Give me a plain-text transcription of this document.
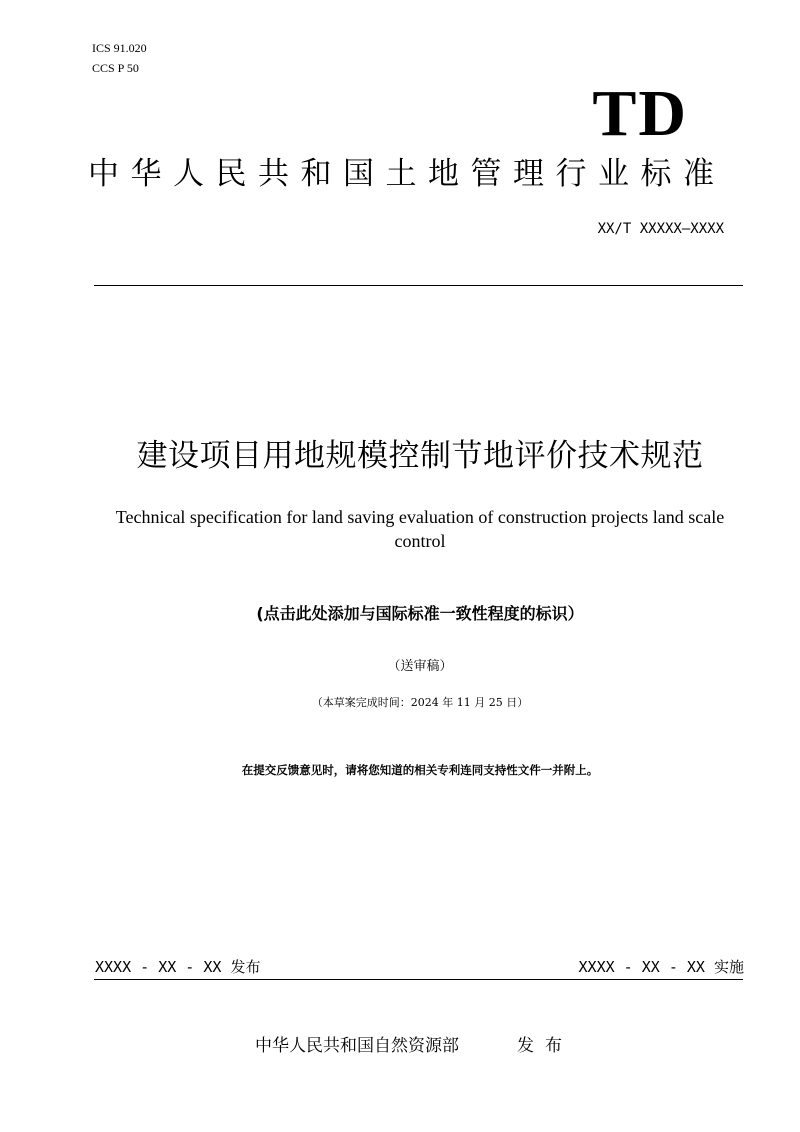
ICS 91.020
CCS P 50
TD
中华人民共和国土地管理行业标准
XX/T XXXXX—XXXX
建设项目用地规模控制节地评价技术规范
Technical specification for land saving evaluation of construction projects land scale control
(点击此处添加与国际标准一致性程度的标识）
（送审稿）
（本草案完成时间：2024 年 11 月 25 日）
在提交反馈意见时，请将您知道的相关专利连同支持性文件一并附上。
XXXX - XX - XX 发布	XXXX - XX - XX 实施
中华人民共和国自然资源部	发布
